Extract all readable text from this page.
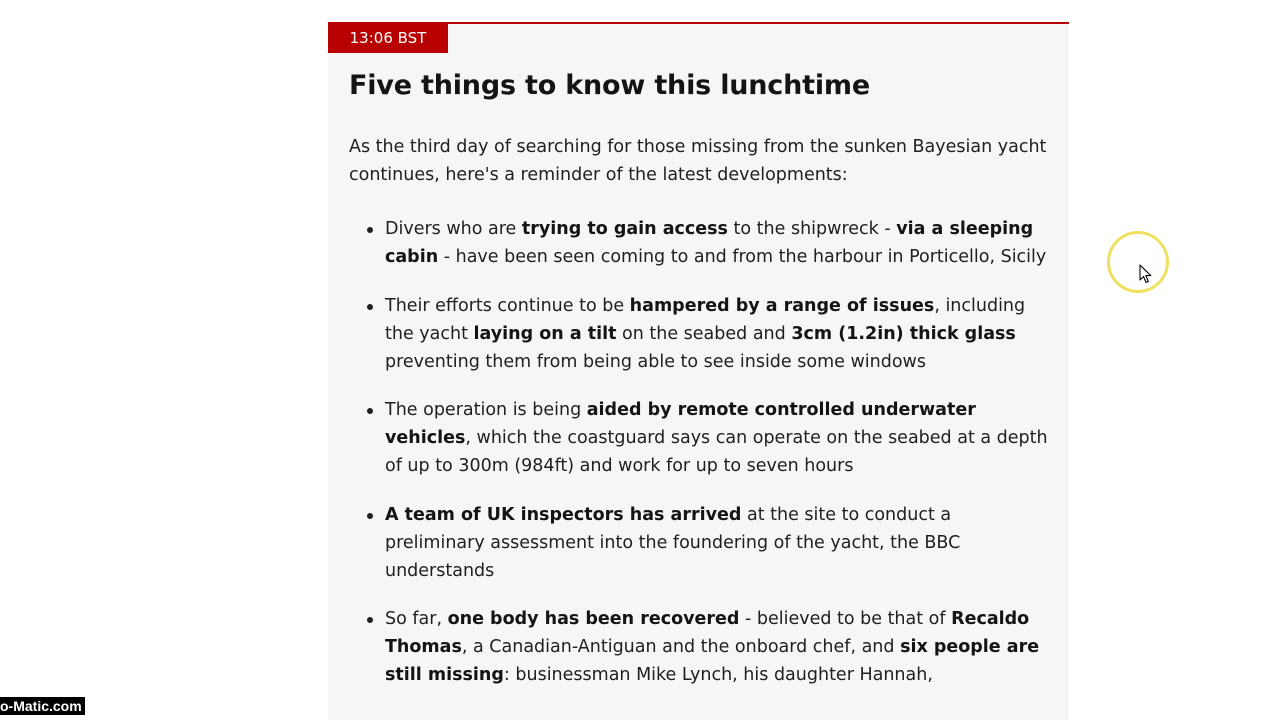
13:06 BST
Five things to know this lunchtime

As the third day of searching for those missing from the sunken Bayesian yacht continues, here's a reminder of the latest developments:

Divers who are trying to gain access to the shipwreck - via a sleeping cabin - have been seen coming to and from the harbour in Porticello, Sicily
Their efforts continue to be hampered by a range of issues, including the yacht laying on a tilt on the seabed and 3cm (1.2in) thick glass preventing them from being able to see inside some windows
The operation is being aided by remote controlled underwater vehicles, which the coastguard says can operate on the seabed at a depth of up to 300m (984ft) and work for up to seven hours
A team of UK inspectors has arrived at the site to conduct a preliminary assessment into the foundering of the yacht, the BBC understands
So far, one body has been recovered - believed to be that of Recaldo Thomas, a Canadian-Antiguan and the onboard chef, and six people are still missing: businessman Mike Lynch, his daughter Hannah,
o-Matic.com
